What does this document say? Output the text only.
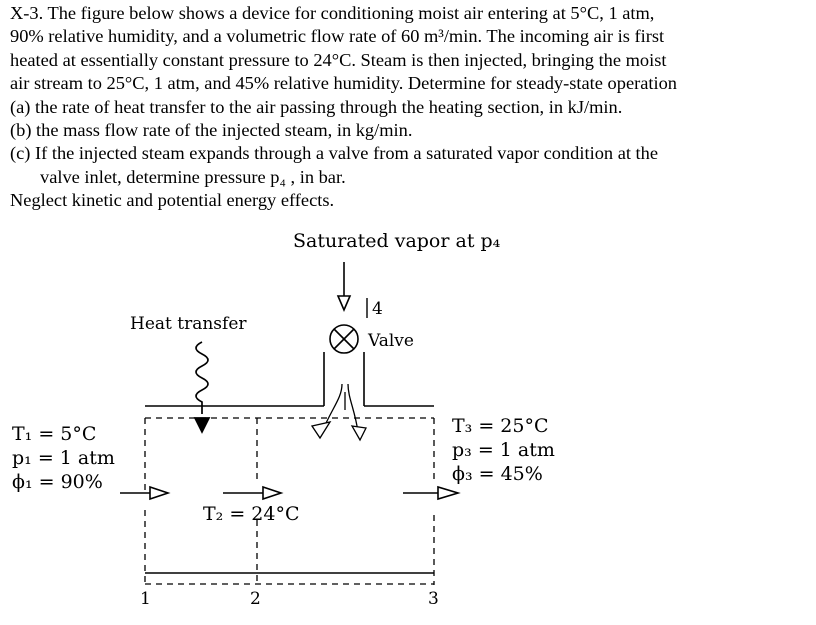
X-3. The figure below shows a device for conditioning moist air entering at 5°C, 1 atm,

90% relative humidity, and a volumetric flow rate of 60 m³/min. The incoming air is first

heated at essentially constant pressure to 24°C. Steam is then injected, bringing the moist

air stream to 25°C, 1 atm, and 45% relative humidity. Determine for steady-state operation

(a) the rate of heat transfer to the air passing through the heating section, in kJ/min.

(b) the mass flow rate of the injected steam, in kg/min.

(c) If the injected steam expands through a valve from a saturated vapor condition at the

valve inlet, determine pressure p₄ , in bar.

Neglect kinetic and potential energy effects.

Saturated vapor at p₄
4
Valve
Heat transfer
T₁ = 5°C
p₁ = 1 atm
ϕ₁ = 90%
T₂ = 24°C
T₃ = 25°C
p₃ = 1 atm
ϕ₃ = 45%
1	2	3
